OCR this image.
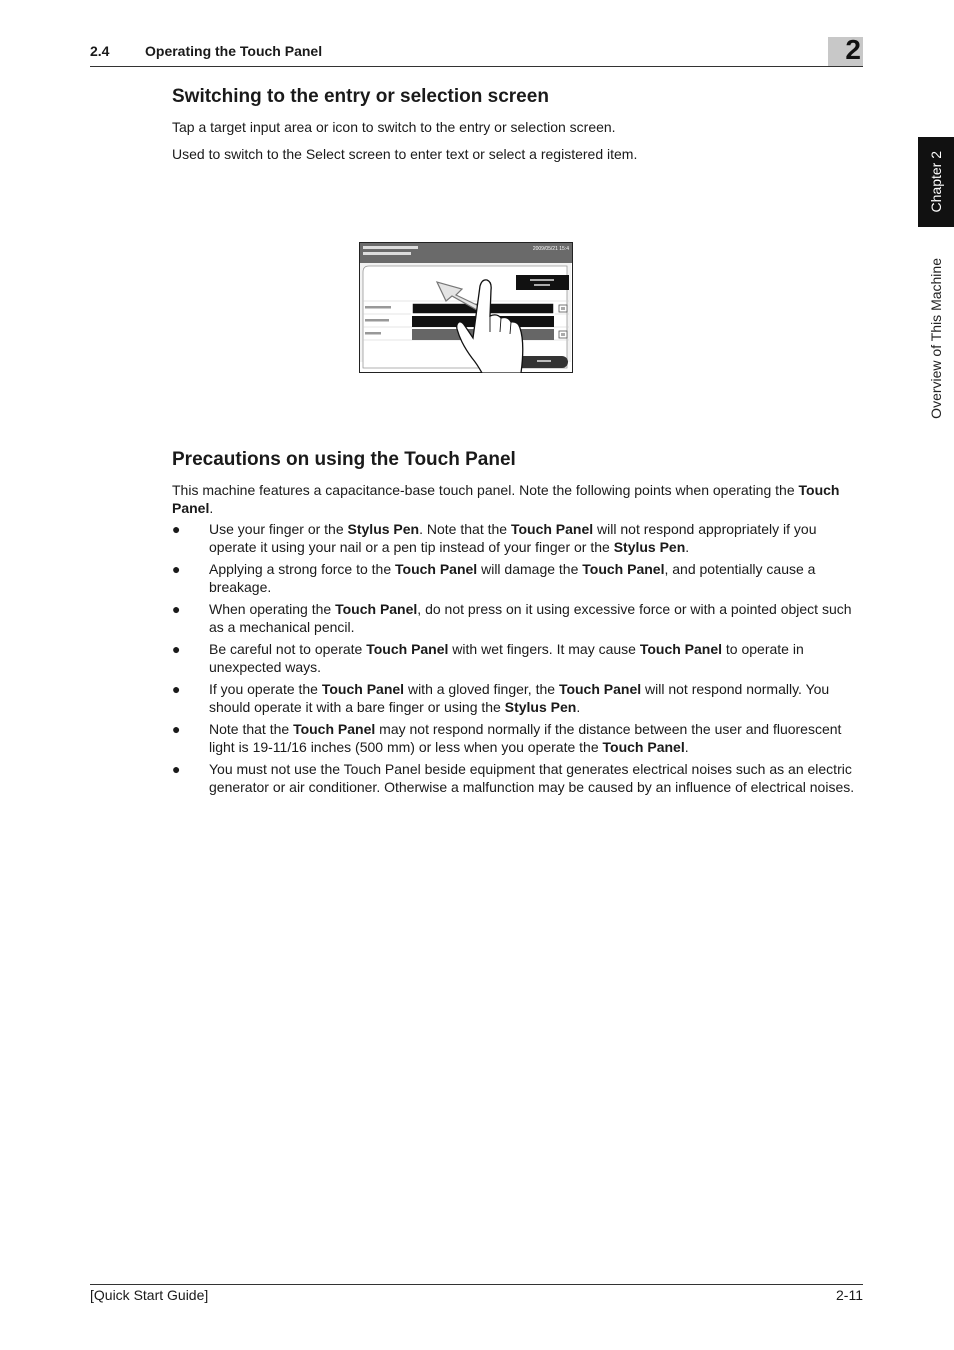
2.4	Operating the Touch Panel	2
Chapter 2
Overview of This Machine
Switching to the entry or selection screen

Tap a target input area or icon to switch to the entry or selection screen.

Used to switch to the Select screen to enter text or select a registered item.

2009/05/21 15:4
Precautions on using the Touch Panel

This machine features a capacitance-base touch panel. Note the following points when operating the Touch Panel.

● Use your finger or the Stylus Pen. Note that the Touch Panel will not respond appropriately if you operate it using your nail or a pen tip instead of your finger or the Stylus Pen.
● Applying a strong force to the Touch Panel will damage the Touch Panel, and potentially cause a breakage.
● When operating the Touch Panel, do not press on it using excessive force or with a pointed object such as a mechanical pencil.
● Be careful not to operate Touch Panel with wet fingers. It may cause Touch Panel to operate in unexpected ways.
● If you operate the Touch Panel with a gloved finger, the Touch Panel will not respond normally. You should operate it with a bare finger or using the Stylus Pen.
● Note that the Touch Panel may not respond normally if the distance between the user and fluorescent light is 19-11/16 inches (500 mm) or less when you operate the Touch Panel.
● You must not use the Touch Panel beside equipment that generates electrical noises such as an electric generator or air conditioner. Otherwise a malfunction may be caused by an influence of electrical noises.
[Quick Start Guide]	2-11
